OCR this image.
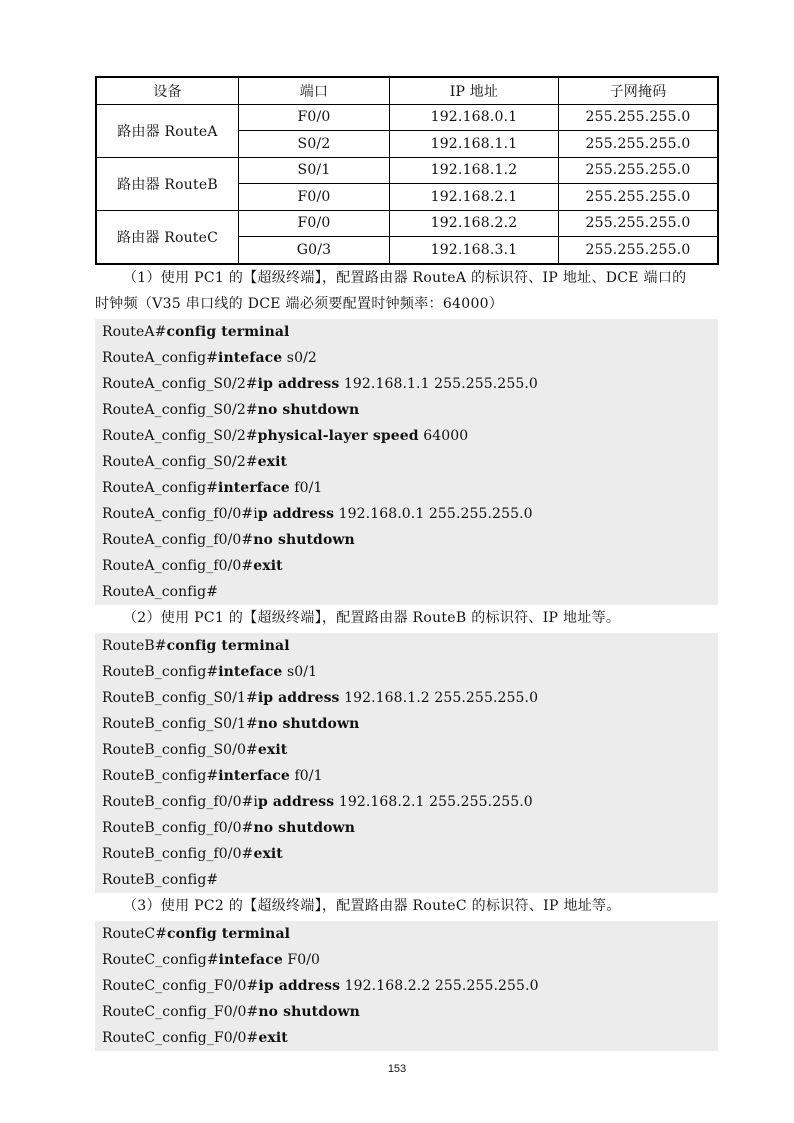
设备	端口	IP 地址	子网掩码
路由器 RouteA	F0/0	192.168.0.1	255.255.255.0
	S0/2	192.168.1.1	255.255.255.0
路由器 RouteB	S0/1	192.168.1.2	255.255.255.0
	F0/0	192.168.2.1	255.255.255.0
路由器 RouteC	F0/0	192.168.2.2	255.255.255.0
	G0/3	192.168.3.1	255.255.255.0

（1）使用 PC1 的【超级终端】，配置路由器 RouteA 的标识符、IP 地址、DCE 端口的

时钟频（V35 串口线的 DCE 端必须要配置时钟频率：64000）

RouteA#config terminal
RouteA_config#inteface s0/2
RouteA_config_S0/2#ip address 192.168.1.1 255.255.255.0
RouteA_config_S0/2#no shutdown
RouteA_config_S0/2#physical-layer speed 64000
RouteA_config_S0/2#exit
RouteA_config#interface f0/1
RouteA_config_f0/0#ip address 192.168.0.1 255.255.255.0
RouteA_config_f0/0#no shutdown
RouteA_config_f0/0#exit
RouteA_config#

（2）使用 PC1 的【超级终端】，配置路由器 RouteB 的标识符、IP 地址等。

RouteB#config terminal
RouteB_config#inteface s0/1
RouteB_config_S0/1#ip address 192.168.1.2 255.255.255.0
RouteB_config_S0/1#no shutdown
RouteB_config_S0/0#exit
RouteB_config#interface f0/1
RouteB_config_f0/0#ip address 192.168.2.1 255.255.255.0
RouteB_config_f0/0#no shutdown
RouteB_config_f0/0#exit
RouteB_config#

（3）使用 PC2 的【超级终端】，配置路由器 RouteC 的标识符、IP 地址等。

RouteC#config terminal
RouteC_config#inteface F0/0
RouteC_config_F0/0#ip address 192.168.2.2 255.255.255.0
RouteC_config_F0/0#no shutdown
RouteC_config_F0/0#exit
153
